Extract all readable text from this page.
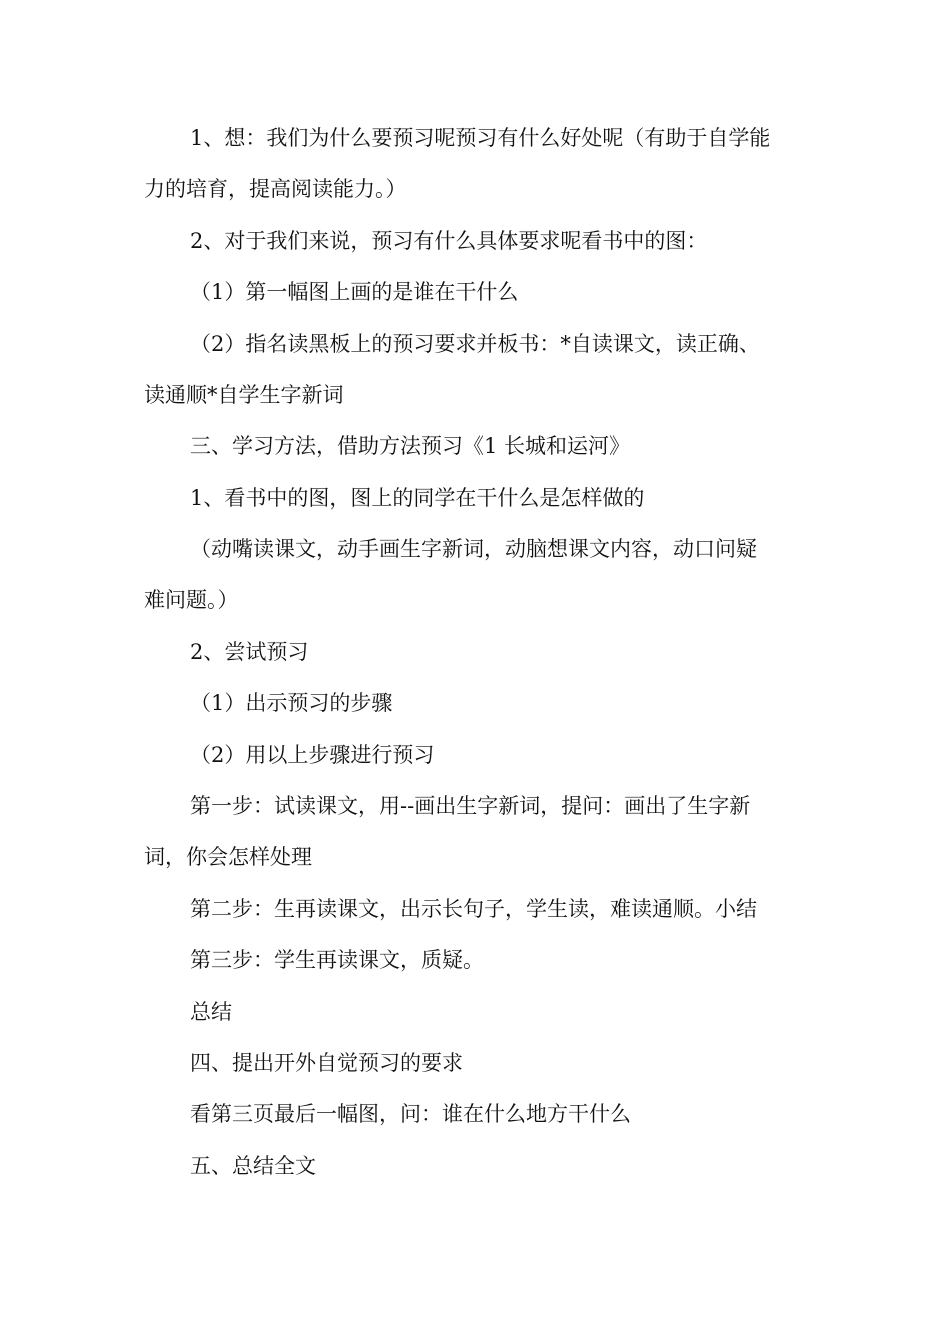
1、想：我们为什么要预习呢预习有什么好处呢（有助于自学能
力的培育，提高阅读能力。）
2、对于我们来说，预习有什么具体要求呢看书中的图：
（1）第一幅图上画的是谁在干什么
（2）指名读黑板上的预习要求并板书：*自读课文，读正确、
读通顺*自学生字新词
三、学习方法，借助方法预习《1 长城和运河》
1、看书中的图，图上的同学在干什么是怎样做的
（动嘴读课文，动手画生字新词，动脑想课文内容，动口问疑
难问题。）
2、尝试预习
（1）出示预习的步骤
（2）用以上步骤进行预习
第一步：试读课文，用--画出生字新词，提问：画出了生字新
词，你会怎样处理
第二步：生再读课文，出示长句子，学生读，难读通顺。小结
第三步：学生再读课文，质疑。
总结
四、提出开外自觉预习的要求
看第三页最后一幅图，问：谁在什么地方干什么
五、总结全文
